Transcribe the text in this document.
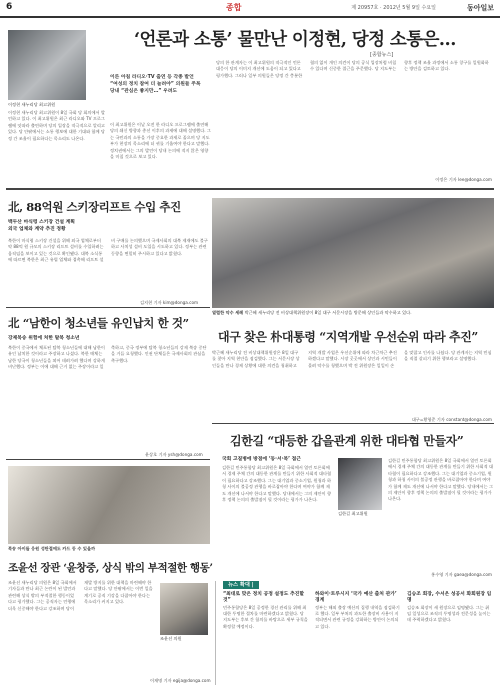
6	종합	제 20957호 · 2012년 5월 9일 수요일	동아일보
‘언론과 소통’ 물만난 이정현, 당정 소통은…
[종합뉴스]
이정현 새누리당 최고위원
이정현 새누리당 최고위원이 8일 국회 당 회의에서 발언하고 있다. 이 최고위원은 최근 라디오와 TV 프로그램에 잇따라 출연하며 당의 입장을 적극적으로 알리고 있다. 당 안팎에서는 소통 행보에 대한 기대와 함께 당정 간 조율이 필요하다는 목소리도 나온다.
이른 아침 라디오·TV 출연 등 각종 발언
“여성의 정치 참여 더 늘려야” 의원들 주목
당내 “관심은 좋지만…” 우려도
이 최고위원은 이날 오전 한 라디오 프로그램에 출연해 당의 쇄신 방향과 총선 이후의 과제에 대해 설명했다. 그는 국민과의 소통을 가장 중요한 과제로 꼽으며 당 지도부가 현장의 목소리에 더 귀를 기울여야 한다고 말했다. 정치권에서는 그의 발언이 당내 논의에 적지 않은 영향을 미칠 것으로 보고 있다.
당의 한 관계자는 이 최고위원의 적극적인 언론 대응이 당의 이미지 개선에 도움이 되고 있다고 평가했다. 그러나 일부 의원들은 당정 간 충분한 협의 없이 개인 의견이 당의 공식 입장처럼 비칠 수 있다며 신중한 접근을 주문했다. 당 지도부는 향후 정책 조율 과정에서 소통 창구를 일원화하는 방안을 검토하고 있다.
이정은 기자 lee@donga.com
北, 88억원 스키장리프트 수입 추진
백두산 마식령 스키장 건설 계획
외국 업체와 계약 추진 정황
북한이 마식령 스키장 건설을 위해 외국 업체로부터 약 88억 원 규모의 스키장 리프트 설비를 수입하려는 움직임을 보이고 있는 것으로 확인됐다. 대북 소식통에 따르면 북한은 최근 유럽 업체와 접촉해 리프트 설비 구매를 논의했으며 국제사회의 대북 제재에도 불구하고 사치성 설비 도입을 시도하고 있다. 정부는 관련 동향을 면밀히 주시하고 있다고 밝혔다.
김지현 기자 kim@donga.com
열렬한 악수 세례 박근혜 새누리당 전 비상대책위원장이 8일 대구 서문시장을 방문해 상인들과 악수하고 있다.
대구 찾은 朴대통령 “지역개발 우선순위 따라 추진”
박근혜 새누리당 전 비상대책위원장은 8일 대구를 찾아 지역 현안을 점검했다. 그는 서문시장 상인들을 만나 경제 상황에 대한 의견을 청취하고 지역 개발 사업은 우선순위에 따라 차근차근 추진하겠다고 말했다. 시장 곳곳에서 상인과 시민들이 몰려 악수를 청했으며 박 전 위원장은 일일이 손을 맞잡고 인사를 나눴다. 당 관계자는 지역 민심을 직접 살피기 위한 행보라고 설명했다.
대구=황형준 기자 constant@donga.com
北 “남한이 청소년들 유인납치 한 것”
강제북송 위험에 처한 탈북 청소년
북한이 중국에서 체포된 탈북 청소년들에 대해 남한이 유인 납치한 것이라고 주장하고 나섰다. 북한 매체는 남한 당국이 청소년들을 꾀어 데려가려 했다며 강하게 비난했다. 정부는 이에 대해 근거 없는 주장이라고 일축하고, 중국 정부에 탈북 청소년들의 강제 북송 중단을 거듭 요청했다. 인권 단체들은 국제사회의 관심을 촉구했다.
윤상호 기자 ysh@donga.com
김한길 “대등한 갑을관계 위한 대타협 만들자”
국회 고질병에 방점에 ‘동·서·북’ 접근
김한길 민주통합당 최고위원은 8일 국회에서 열린 토론회에서 경제 주체 간의 대등한 관계를 만들기 위한 사회적 대타협이 필요하다고 강조했다. 그는 대기업과 중소기업, 원청과 하청 사이의 불공정 관행을 바로잡아야 한다며 여야가 함께 제도 개선에 나서야 한다고 말했다. 당내에서는 그의 제안이 향후 정책 논의의 출발점이 될 것이라는 평가가 나온다.
김한길 최고위원
김한길 민주통합당 최고위원은 8일 국회에서 열린 토론회에서 경제 주체 간의 대등한 관계를 만들기 위한 사회적 대타협이 필요하다고 강조했다. 그는 대기업과 중소기업, 원청과 하청 사이의 불공정 관행을 바로잡아야 한다며 여야가 함께 제도 개선에 나서야 한다고 말했다. 당내에서는 그의 제안이 향후 정책 논의의 출발점이 될 것이라는 평가가 나온다.
홍수영 기자 gaea@donga.com
북송 아이들 응원 성탄절에도 카드 등 수 있을까
조윤선 장관 ‘윤창중, 상식 밖의 부적절한 행동’
조윤선 새누리당 의원은 8일 국회에서 기자들과 만나 최근 논란이 된 발언과 관련해 상식 밖의 부적절한 행동이었다고 평가했다. 그는 공직자는 언행에 더욱 신중해야 한다고 강조하며 당이 재발 방지를 위한 대책을 마련해야 한다고 말했다. 당 안팎에서는 이번 일을 계기로 공직 기강을 다잡아야 한다는 목소리가 커지고 있다.
조윤선 의원
이재명 기자 egija@donga.com
뉴스 확대 |
“최대로 맞은 정치 공정 설정도 추진할 것”
민주통합당은 8일 공정한 경선 관리를 위해 최대한 투명한 절차를 마련하겠다고 밝혔다. 당 지도부는 후보 간 합의를 바탕으로 세부 규칙을 확정할 예정이다.
하와이·트루시지 ‘국가 예산 출처 관가’ 경계
정부는 해외 출장 예산의 집행 내역을 점검하기로 했다. 일부 부처의 과도한 출장비 사용이 지적되면서 관련 규정을 강화하는 방안이 논의되고 있다.
김승조 회장, 수서은 성공서 화회원장 임명
김승조 회장이 새 원장으로 임명됐다. 그는 취임 일성으로 조직의 투명성과 전문성을 높이는 데 주력하겠다고 밝혔다.
